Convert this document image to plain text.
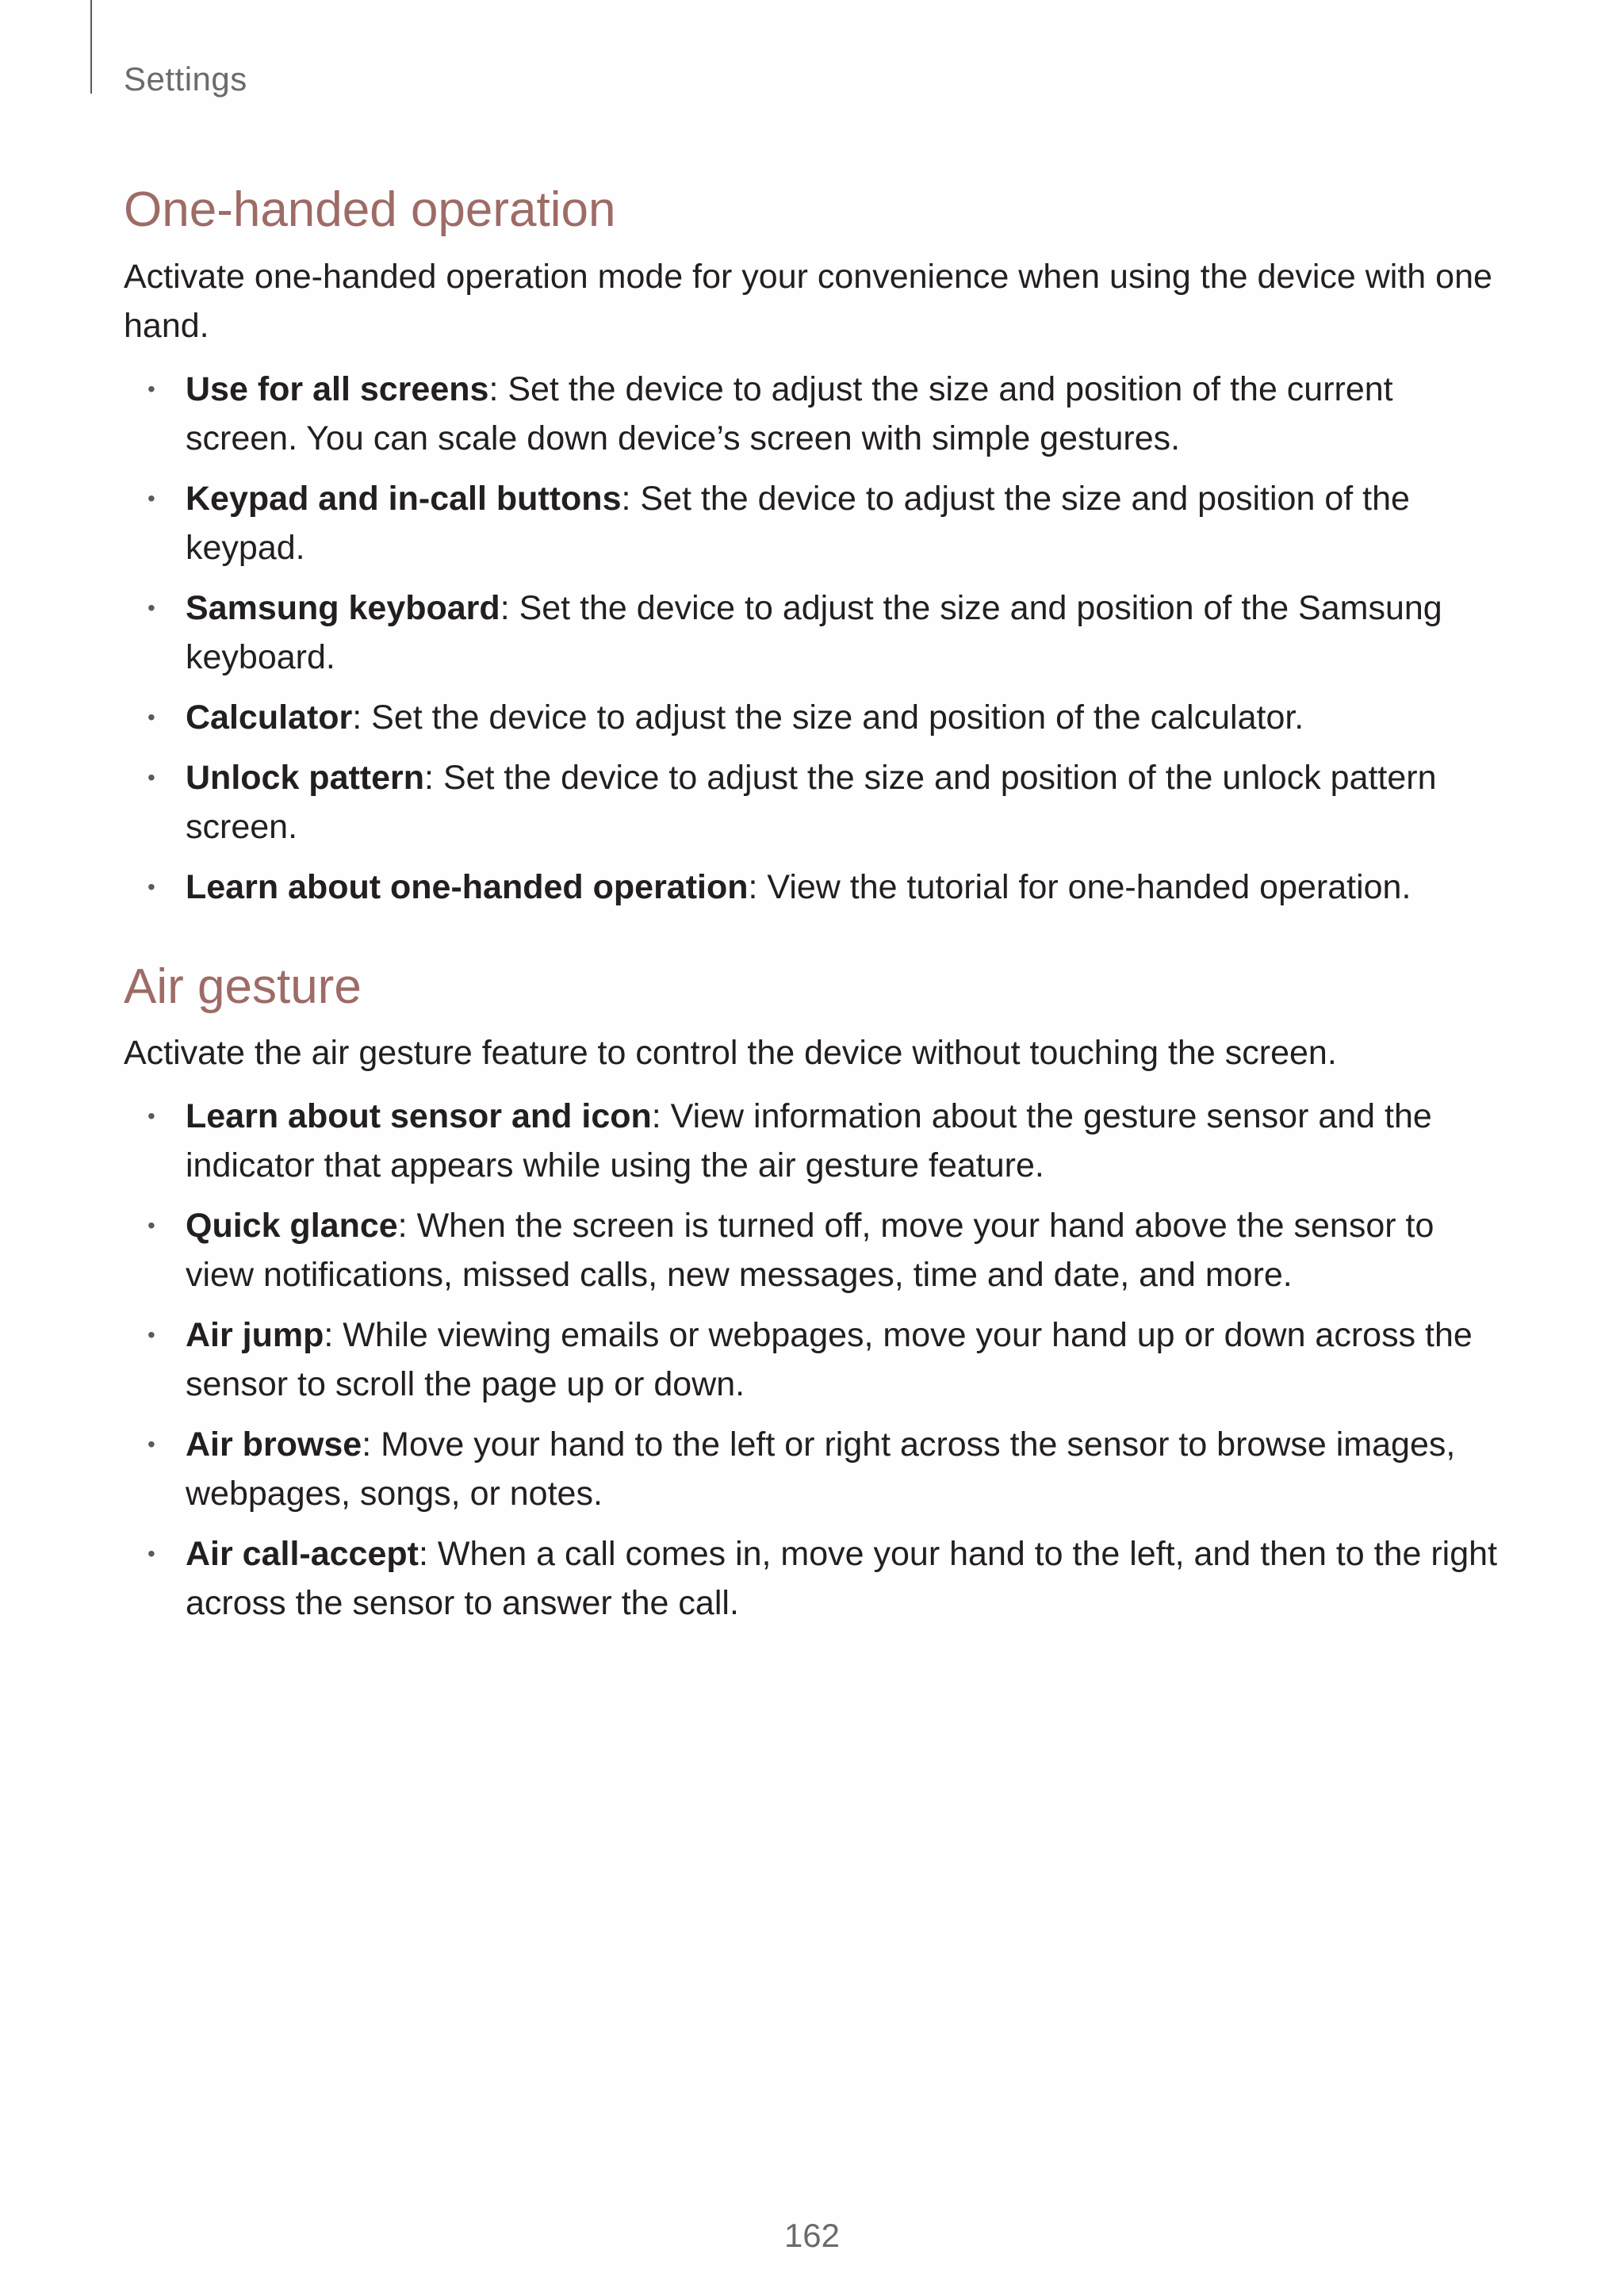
Settings
One-handed operation

Activate one-handed operation mode for your convenience when using the device with one hand.

• Use for all screens: Set the device to adjust the size and position of the current screen. You can scale down device’s screen with simple gestures.
• Keypad and in-call buttons: Set the device to adjust the size and position of the keypad.
• Samsung keyboard: Set the device to adjust the size and position of the Samsung keyboard.
• Calculator: Set the device to adjust the size and position of the calculator.
• Unlock pattern: Set the device to adjust the size and position of the unlock pattern screen.
• Learn about one-handed operation: View the tutorial for one-handed operation.
Air gesture

Activate the air gesture feature to control the device without touching the screen.

• Learn about sensor and icon: View information about the gesture sensor and the indicator that appears while using the air gesture feature.
• Quick glance: When the screen is turned off, move your hand above the sensor to view notifications, missed calls, new messages, time and date, and more.
• Air jump: While viewing emails or webpages, move your hand up or down across the sensor to scroll the page up or down.
• Air browse: Move your hand to the left or right across the sensor to browse images, webpages, songs, or notes.
• Air call-accept: When a call comes in, move your hand to the left, and then to the right across the sensor to answer the call.
162
